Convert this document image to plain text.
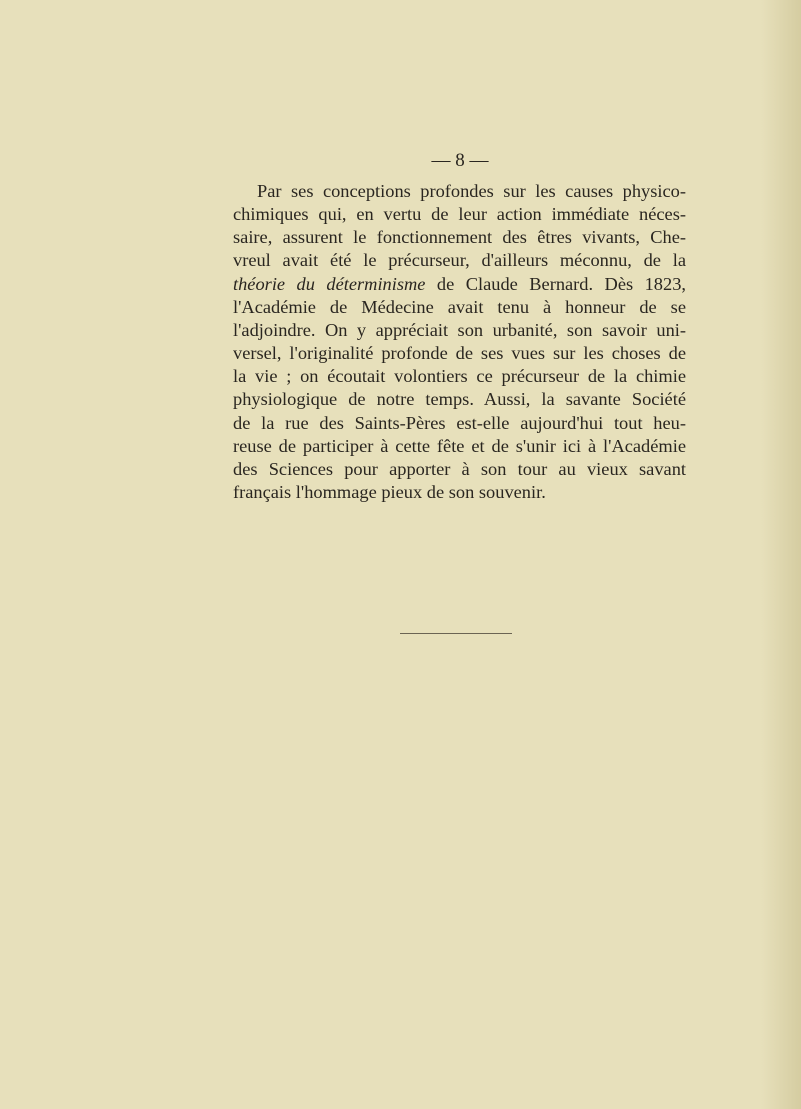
— 8 —
Par ses conceptions profondes sur les causes physico-
chimiques qui, en vertu de leur action immédiate néces-
saire, assurent le fonctionnement des êtres vivants, Che-
vreul avait été le précurseur, d'ailleurs méconnu, de la
théorie du déterminisme de Claude Bernard. Dès 1823,
l'Académie de Médecine avait tenu à honneur de se
l'adjoindre. On y appréciait son urbanité, son savoir uni-
versel, l'originalité profonde de ses vues sur les choses de
la vie ; on écoutait volontiers ce précurseur de la chimie
physiologique de notre temps. Aussi, la savante Société
de la rue des Saints-Pères est-elle aujourd'hui tout heu-
reuse de participer à cette fête et de s'unir ici à l'Académie
des Sciences pour apporter à son tour au vieux savant
français l'hommage pieux de son souvenir.
